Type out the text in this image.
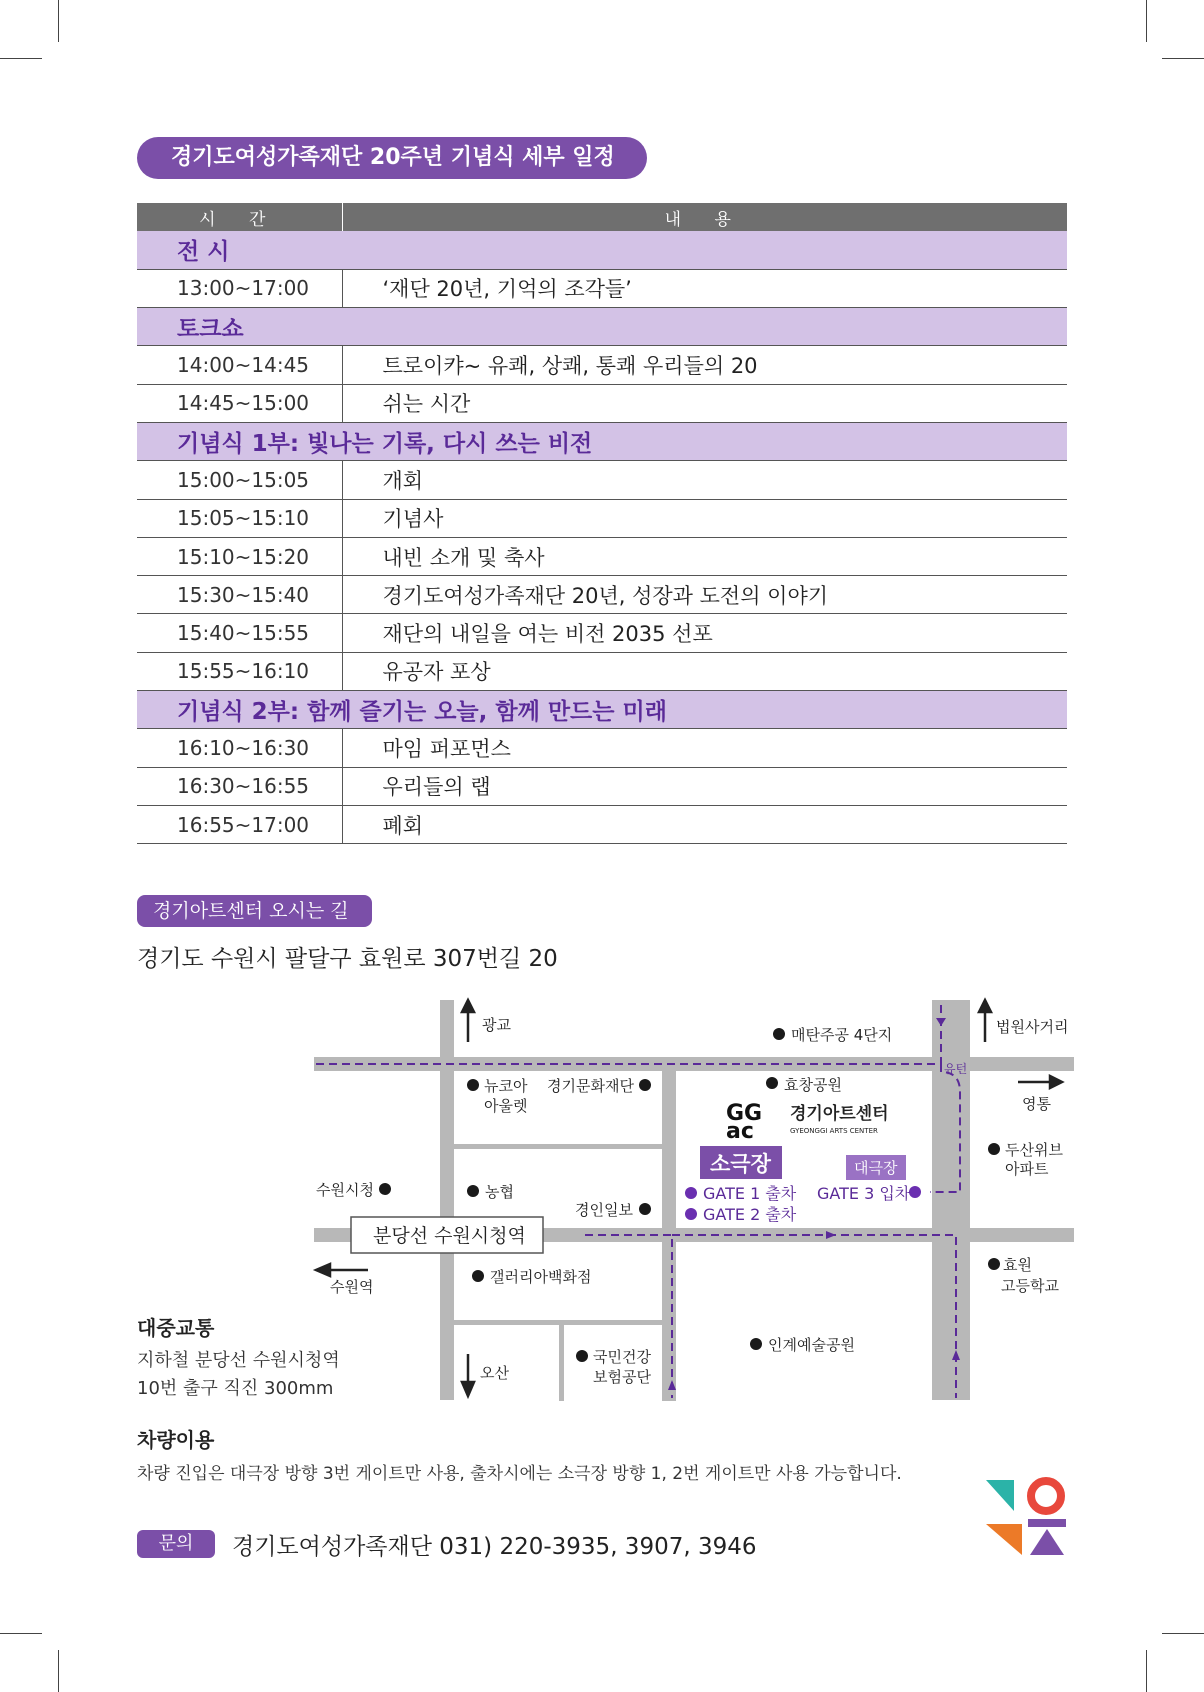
경기도여성가족재단 20주년 기념식 세부 일정
시 간	내 용
전 시	
13:00~17:00	‘재단 20년, 기억의 조각들’
토크쇼	
14:00~14:45	트로이캬~ 유쾌, 상쾌, 통쾌 우리들의 20
14:45~15:00	쉬는 시간
기념식 1부: 빛나는 기록, 다시 쓰는 비전	
15:00~15:05	개회
15:05~15:10	기념사
15:10~15:20	내빈 소개 및 축사
15:30~15:40	경기도여성가족재단 20년, 성장과 도전의 이야기
15:40~15:55	재단의 내일을 여는 비전 2035 선포
15:55~16:10	유공자 포상
기념식 2부: 함께 즐기는 오늘, 함께 만드는 미래	
16:10~16:30	마임 퍼포먼스
16:30~16:55	우리들의 랩
16:55~17:00	폐회
경기아트센터 오시는 길
경기도 수원시 팔달구 효원로 307번길 20
GG
ac
광교	법원사거리
매탄주공 4단지
유턴
영통
뉴코아
아울렛
경기문화재단	효창공원
경기아트센터
GYEONGGI ARTS CENTER
두산위브
아파트
소극장	대극장
수원시청	농협
경인일보
GATE 1 출차
GATE 2 출차
GATE 3 입차
분당선 수원시청역
수원역
갤러리아백화점
효원
고등학교
인계예술공원
국민건강
보험공단
오산
대중교통
지하철 분당선 수원시청역
10번 출구 직진 300mm
차량이용
차량 진입은 대극장 방향 3번 게이트만 사용, 출차시에는 소극장 방향 1, 2번 게이트만 사용 가능합니다.
문의	경기도여성가족재단 031) 220-3935, 3907, 3946
